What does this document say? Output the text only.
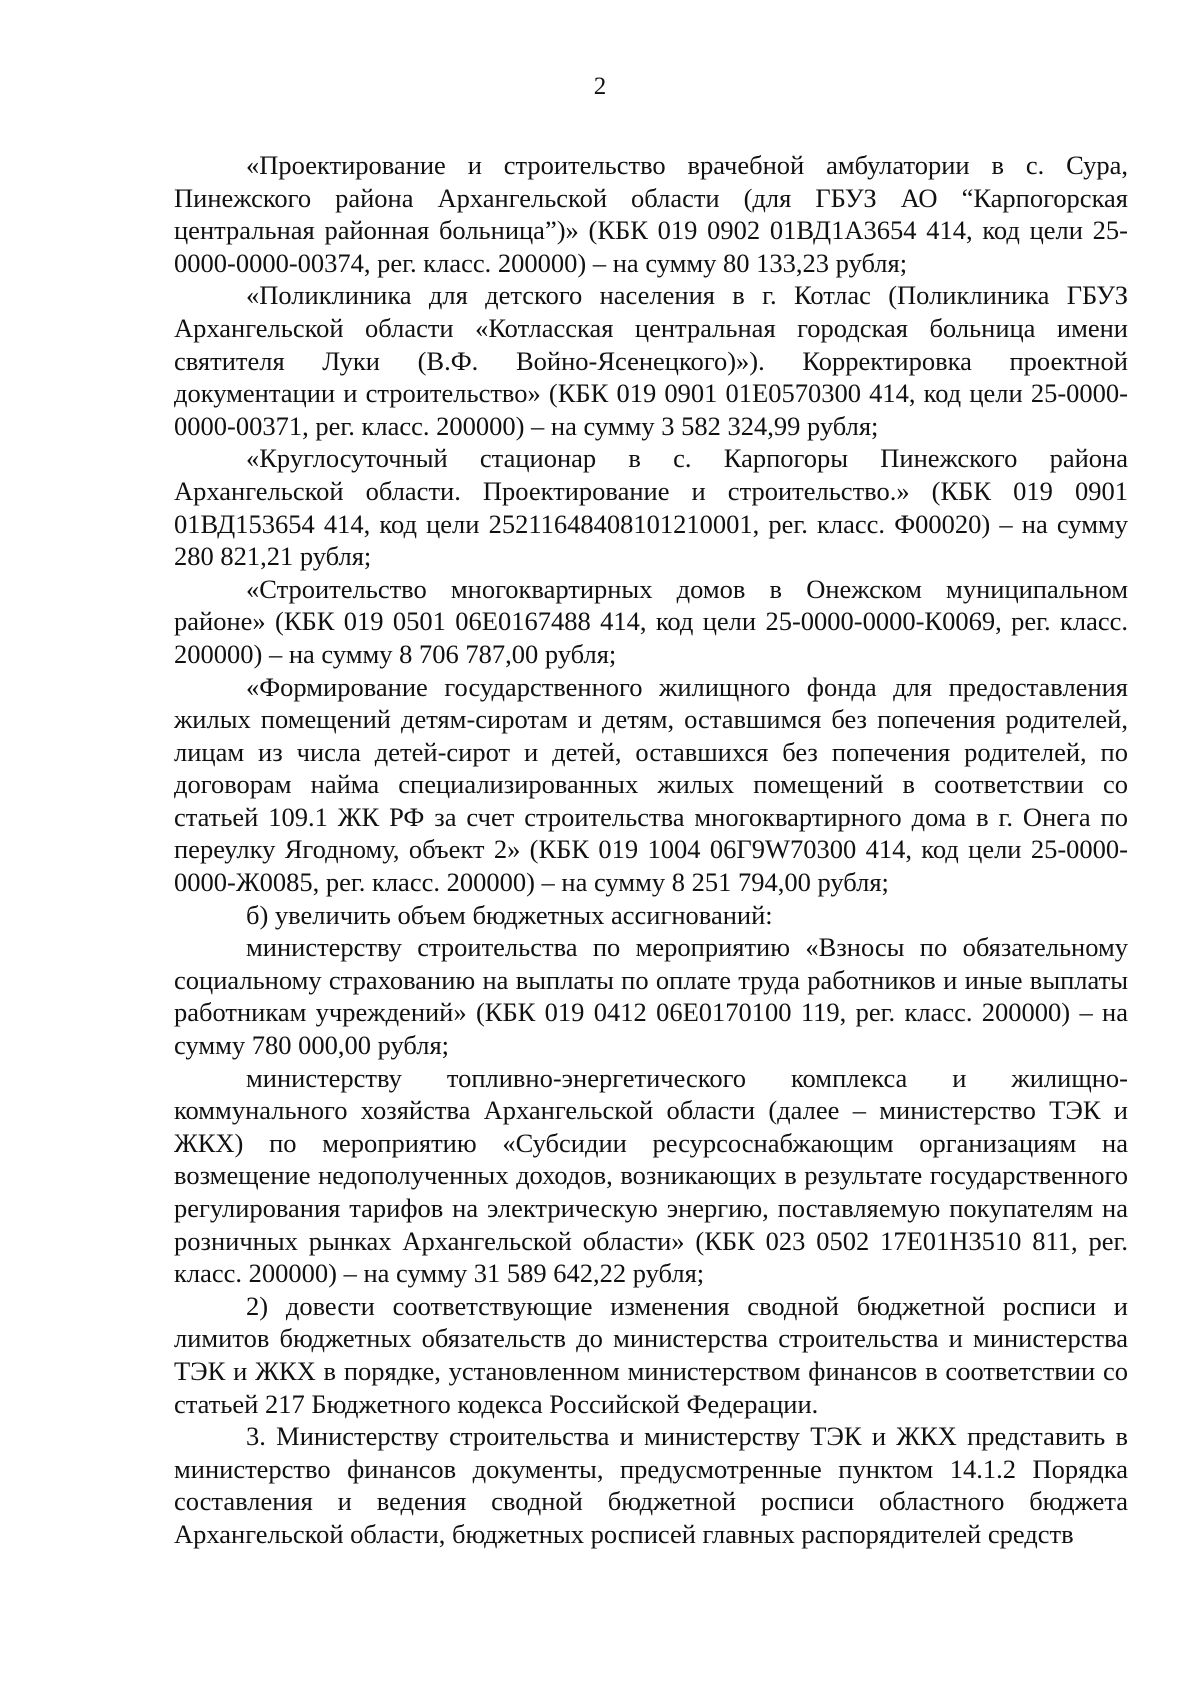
2

«Проектирование и строительство врачебной амбулатории в с. Сура, Пинежского района Архангельской области (для ГБУЗ АО “Карпогорская центральная районная больница”)» (КБК 019 0902 01ВД1А3654 414, код цели 25-0000-0000-00374, рег. класс. 200000) – на сумму 80 133,23 рубля;

«Поликлиника для детского населения в г. Котлас (Поликлиника ГБУЗ Архангельской области «Котласская центральная городская больница имени святителя Луки (В.Ф. Войно-Ясенецкого)»). Корректировка проектной документации и строительство» (КБК 019 0901 01Е0570300 414, код цели 25-0000-0000-00371, рег. класс. 200000) – на сумму 3 582 324,99 рубля;

«Круглосуточный стационар в с. Карпогоры Пинежского района Архангельской области. Проектирование и строительство.» (КБК 019 0901 01ВД153654 414, код цели 25211648408101210001, рег. класс. Ф00020) – на сумму 280 821,21 рубля;

«Строительство многоквартирных домов в Онежском муниципальном районе» (КБК 019 0501 06Е0167488 414, код цели 25-0000-0000-К0069, рег. класс. 200000) – на сумму 8 706 787,00 рубля;

«Формирование государственного жилищного фонда для предоставления жилых помещений детям-сиротам и детям, оставшимся без попечения родителей, лицам из числа детей-сирот и детей, оставшихся без попечения родителей, по договорам найма специализированных жилых помещений в соответствии со статьей 109.1 ЖК РФ за счет строительства многоквартирного дома в г. Онега по переулку Ягодному, объект 2» (КБК 019 1004 06Г9W70300 414, код цели 25-0000-0000-Ж0085, рег. класс. 200000) – на сумму 8 251 794,00 рубля;

б) увеличить объем бюджетных ассигнований:

министерству строительства по мероприятию «Взносы по обязательному социальному страхованию на выплаты по оплате труда работников и иные выплаты работникам учреждений» (КБК 019 0412 06Е0170100 119, рег. класс. 200000) – на сумму 780 000,00 рубля;

министерству топливно-энергетического комплекса и жилищно-коммунального хозяйства Архангельской области (далее – министерство ТЭК и ЖКХ) по мероприятию «Субсидии ресурсоснабжающим организациям на возмещение недополученных доходов, возникающих в результате государственного регулирования тарифов на электрическую энергию, поставляемую покупателям на розничных рынках Архангельской области» (КБК 023 0502 17Е01Н3510 811, рег. класс. 200000) – на сумму 31 589 642,22 рубля;

2) довести соответствующие изменения сводной бюджетной росписи и лимитов бюджетных обязательств до министерства строительства и министерства ТЭК и ЖКХ в порядке, установленном министерством финансов в соответствии со статьей 217 Бюджетного кодекса Российской Федерации.

3. Министерству строительства и министерству ТЭК и ЖКХ представить в министерство финансов документы, предусмотренные пунктом 14.1.2 Порядка составления и ведения сводной бюджетной росписи областного бюджета Архангельской области, бюджетных росписей главных распорядителей средств
